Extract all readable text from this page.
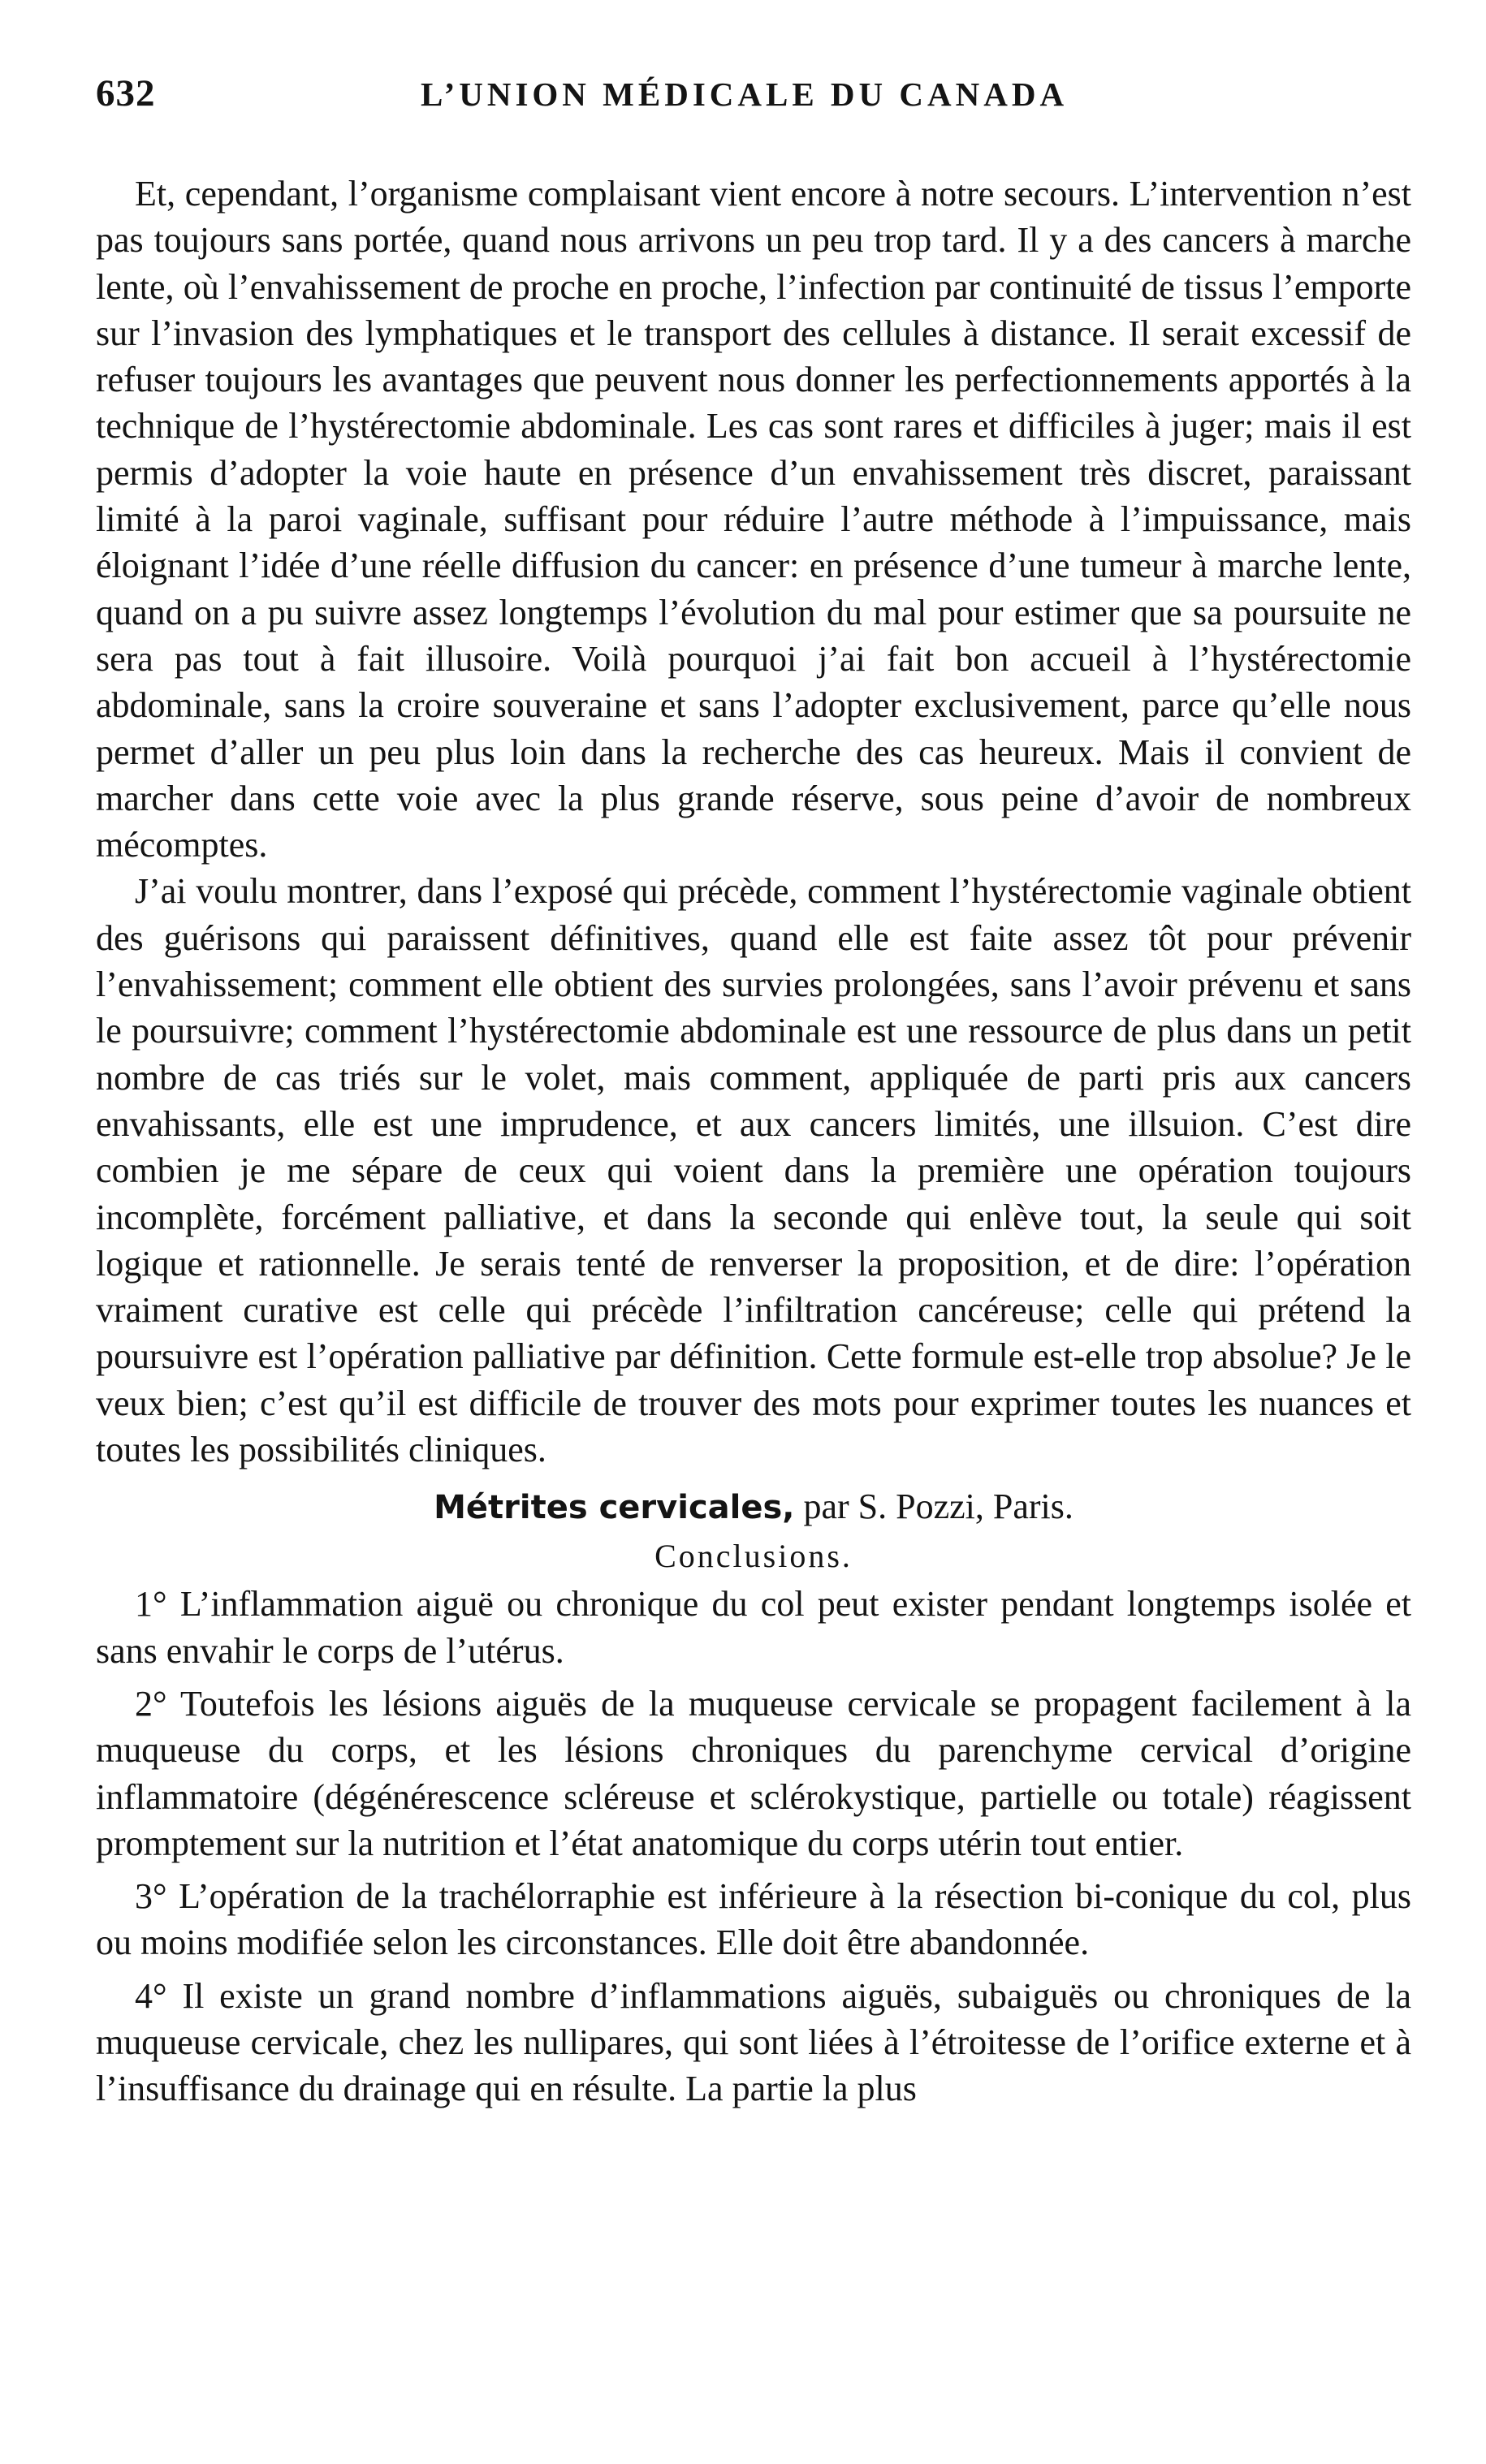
632	L’UNION MÉDICALE DU CANADA

Et, cependant, l’organisme complaisant vient encore à notre secours. L’intervention n’est pas toujours sans portée, quand nous arrivons un peu trop tard. Il y a des cancers à marche lente, où l’envahissement de proche en proche, l’infection par continuité de tissus l’emporte sur l’invasion des lymphatiques et le transport des cellules à distance. Il serait excessif de refuser toujours les avantages que peuvent nous donner les perfectionnements apportés à la technique de l’hystérectomie abdominale. Les cas sont rares et difficiles à juger; mais il est permis d’adopter la voie haute en présence d’un envahissement très discret, paraissant limité à la paroi vaginale, suffisant pour réduire l’autre méthode à l’impuissance, mais éloignant l’idée d’une réelle diffusion du cancer: en présence d’une tumeur à marche lente, quand on a pu suivre assez longtemps l’évolution du mal pour estimer que sa poursuite ne sera pas tout à fait illusoire. Voilà pourquoi j’ai fait bon accueil à l’hystérectomie abdominale, sans la croire souveraine et sans l’adopter exclusivement, parce qu’elle nous permet d’aller un peu plus loin dans la recherche des cas heureux. Mais il convient de marcher dans cette voie avec la plus grande réserve, sous peine d’avoir de nombreux mécomptes.

J’ai voulu montrer, dans l’exposé qui précède, comment l’hystérectomie vaginale obtient des guérisons qui paraissent définitives, quand elle est faite assez tôt pour prévenir l’envahissement; comment elle obtient des survies prolongées, sans l’avoir prévenu et sans le poursuivre; comment l’hystérectomie abdominale est une ressource de plus dans un petit nombre de cas triés sur le volet, mais comment, appliquée de parti pris aux cancers envahissants, elle est une imprudence, et aux cancers limités, une illsuion. C’est dire combien je me sépare de ceux qui voient dans la première une opération toujours incomplète, forcément palliative, et dans la seconde qui enlève tout, la seule qui soit logique et rationnelle. Je serais tenté de renverser la proposition, et de dire: l’opération vraiment curative est celle qui précède l’infiltration cancéreuse; celle qui prétend la poursuivre est l’opération palliative par définition. Cette formule est-elle trop absolue? Je le veux bien; c’est qu’il est difficile de trouver des mots pour exprimer toutes les nuances et toutes les possibilités cliniques.

Métrites cervicales, par S. Pozzi, Paris.
Conclusions.

1° L’inflammation aiguë ou chronique du col peut exister pendant longtemps isolée et sans envahir le corps de l’utérus.

2° Toutefois les lésions aiguës de la muqueuse cervicale se propagent facilement à la muqueuse du corps, et les lésions chroniques du parenchyme cervical d’origine inflammatoire (dégénérescence scléreuse et sclérokystique, partielle ou totale) réagissent promptement sur la nutrition et l’état anatomique du corps utérin tout entier.

3° L’opération de la trachélorraphie est inférieure à la résection bi-conique du col, plus ou moins modifiée selon les circonstances. Elle doit être abandonnée.

4° Il existe un grand nombre d’inflammations aiguës, subaiguës ou chroniques de la muqueuse cervicale, chez les nullipares, qui sont liées à l’étroitesse de l’orifice externe et à l’insuffisance du drainage qui en résulte. La partie la plus
